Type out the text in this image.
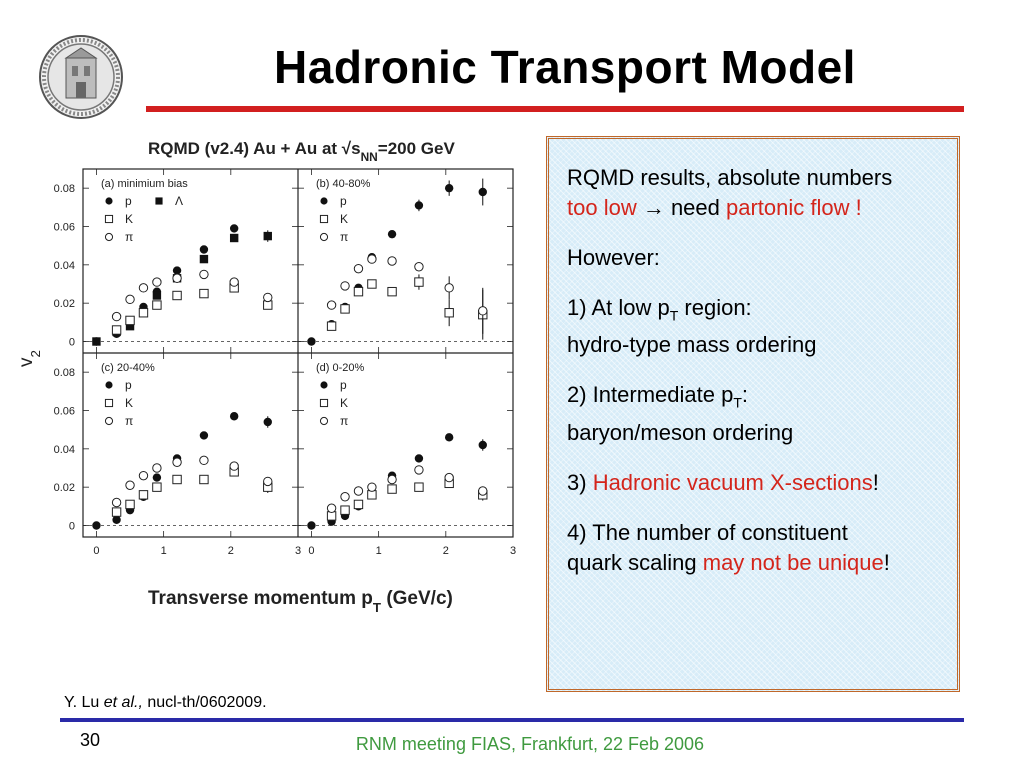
Hadronic Transport Model
RQMD (v2.4) Au + Au at $√s_{NN}=200$ GeV
Transverse momentum $p_T$ (GeV/c)
$v_2$
0
0.02
0.04
0.06
0.08 (a) minimium bias
p
K
π
Λ
(b) 40-80%
p
K
π
0
0.02
0.04
0.06
0.08
0	1	2	3
(c) 20-40%
p
K
π
0	1	2	3
(d) 0-20%
p
K
π
RQMD results, absolute numbers
too low → need partonic flow !
However:
1) At low $p_T$ region:
hydro-type mass ordering
2) Intermediate $p_T$:
baryon/meson ordering
3) Hadronic vacuum X-sections!
4) The number of constituent
quark scaling may not be unique!
Y. Lu et al., nucl-th/0602009.
30	RNM meeting FIAS, Frankfurt, 22 Feb 2006
